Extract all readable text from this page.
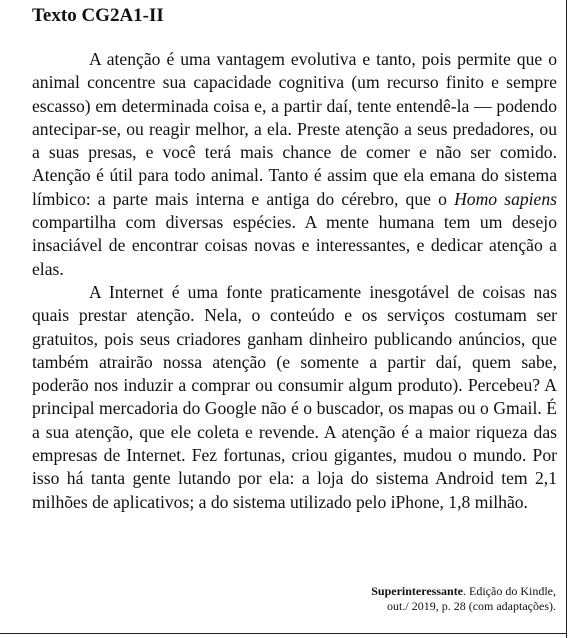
Texto CG2A1-II

A atenção é uma vantagem evolutiva e tanto, pois permite que o animal concentre sua capacidade cognitiva (um recurso finito e sempre escasso) em determinada coisa e, a partir daí, tente entendê-la — podendo antecipar-se, ou reagir melhor, a ela. Preste atenção a seus predadores, ou a suas presas, e você terá mais chance de comer e não ser comido. Atenção é útil para todo animal. Tanto é assim que ela emana do sistema límbico: a parte mais interna e antiga do cérebro, que o Homo sapiens compartilha com diversas espécies. A mente humana tem um desejo insaciável de encontrar coisas novas e interessantes, e dedicar atenção a elas.

A Internet é uma fonte praticamente inesgotável de coisas nas quais prestar atenção. Nela, o conteúdo e os serviços costumam ser gratuitos, pois seus criadores ganham dinheiro publicando anúncios, que também atrairão nossa atenção (e somente a partir daí, quem sabe, poderão nos induzir a comprar ou consumir algum produto). Percebeu? A principal mercadoria do Google não é o buscador, os mapas ou o Gmail. É a sua atenção, que ele coleta e revende. A atenção é a maior riqueza das empresas de Internet. Fez fortunas, criou gigantes, mudou o mundo. Por isso há tanta gente lutando por ela: a loja do sistema Android tem 2,1 milhões de aplicativos; a do sistema utilizado pelo iPhone, 1,8 milhão.

Superinteressante. Edição do Kindle,
out./ 2019, p. 28 (com adaptações).
